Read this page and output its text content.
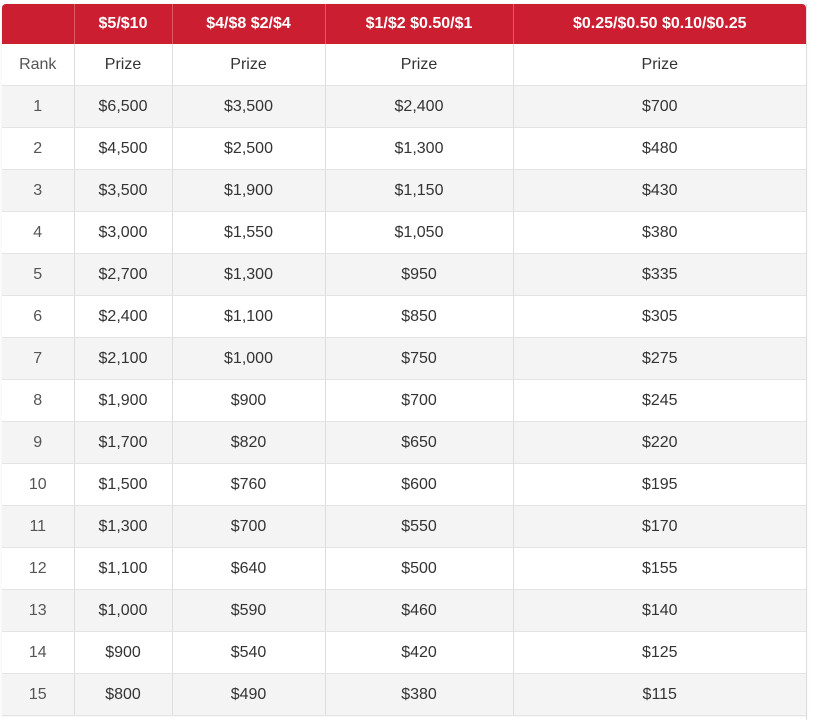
	$5/$10	$4/$8 $2/$4	$1/$2 $0.50/$1	$0.25/$0.50 $0.10/$0.25
Rank	Prize	Prize	Prize	Prize
1	$6,500	$3,500	$2,400	$700
2	$4,500	$2,500	$1,300	$480
3	$3,500	$1,900	$1,150	$430
4	$3,000	$1,550	$1,050	$380
5	$2,700	$1,300	$950	$335
6	$2,400	$1,100	$850	$305
7	$2,100	$1,000	$750	$275
8	$1,900	$900	$700	$245
9	$1,700	$820	$650	$220
10	$1,500	$760	$600	$195
11	$1,300	$700	$550	$170
12	$1,100	$640	$500	$155
13	$1,000	$590	$460	$140
14	$900	$540	$420	$125
15	$800	$490	$380	$115
